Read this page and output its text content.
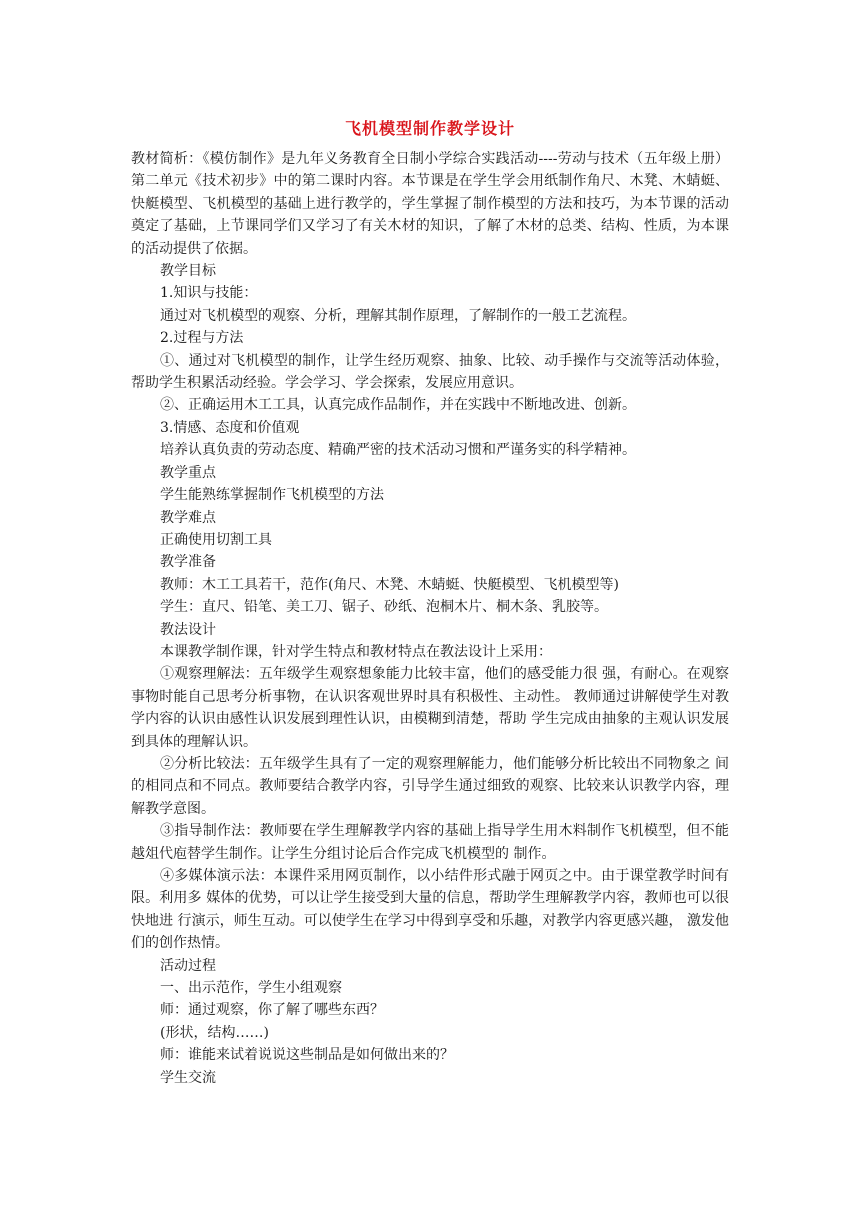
飞机模型制作教学设计

教材简析：《模仿制作》是九年义务教育全日制小学综合实践活动----劳动与技术（五年级上册）第二单元《技术初步》中的第二课时内容。本节课是在学生学会用纸制作角尺、木凳、木蜻蜓、快艇模型、飞机模型的基础上进行教学的，学生掌握了制作模型的方法和技巧，为本节课的活动奠定了基础，上节课同学们又学习了有关木材的知识，了解了木材的总类、结构、性质，为本课的活动提供了依据。

教学目标

1.知识与技能：

通过对飞机模型的观察、分析，理解其制作原理，了解制作的一般工艺流程。

2.过程与方法

①、通过对飞机模型的制作，让学生经历观察、抽象、比较、动手操作与交流等活动体验，帮助学生积累活动经验。学会学习、学会探索，发展应用意识。

②、正确运用木工工具，认真完成作品制作，并在实践中不断地改进、创新。

3.情感、态度和价值观

培养认真负责的劳动态度、精确严密的技术活动习惯和严谨务实的科学精神。

教学重点

学生能熟练掌握制作飞机模型的方法

教学难点

正确使用切割工具

教学准备

教师：木工工具若干，范作(角尺、木凳、木蜻蜓、快艇模型、飞机模型等)

学生：直尺、铅笔、美工刀、锯子、砂纸、泡桐木片、桐木条、乳胶等。

教法设计

本课教学制作课，针对学生特点和教材特点在教法设计上采用：

①观察理解法：五年级学生观察想象能力比较丰富，他们的感受能力很 强，有耐心。在观察事物时能自己思考分析事物，在认识客观世界时具有积极性、主动性。 教师通过讲解使学生对教学内容的认识由感性认识发展到理性认识，由模糊到清楚，帮助 学生完成由抽象的主观认识发展到具体的理解认识。

②分析比较法：五年级学生具有了一定的观察理解能力，他们能够分析比较出不同物象之 间的相同点和不同点。教师要结合教学内容，引导学生通过细致的观察、比较来认识教学内容，理解教学意图。

③指导制作法：教师要在学生理解教学内容的基础上指导学生用木料制作飞机模型，但不能 越俎代庖替学生制作。让学生分组讨论后合作完成飞机模型的 制作。

④多媒体演示法：本课件采用网页制作，以小结件形式融于网页之中。由于课堂教学时间有限。利用多 媒体的优势，可以让学生接受到大量的信息，帮助学生理解教学内容，教师也可以很快地进 行演示，师生互动。可以使学生在学习中得到享受和乐趣，对教学内容更感兴趣， 激发他们的创作热情。

活动过程

一、出示范作，学生小组观察

师：通过观察，你了解了哪些东西？

(形状，结构……)

师：谁能来试着说说这些制品是如何做出来的？

学生交流
